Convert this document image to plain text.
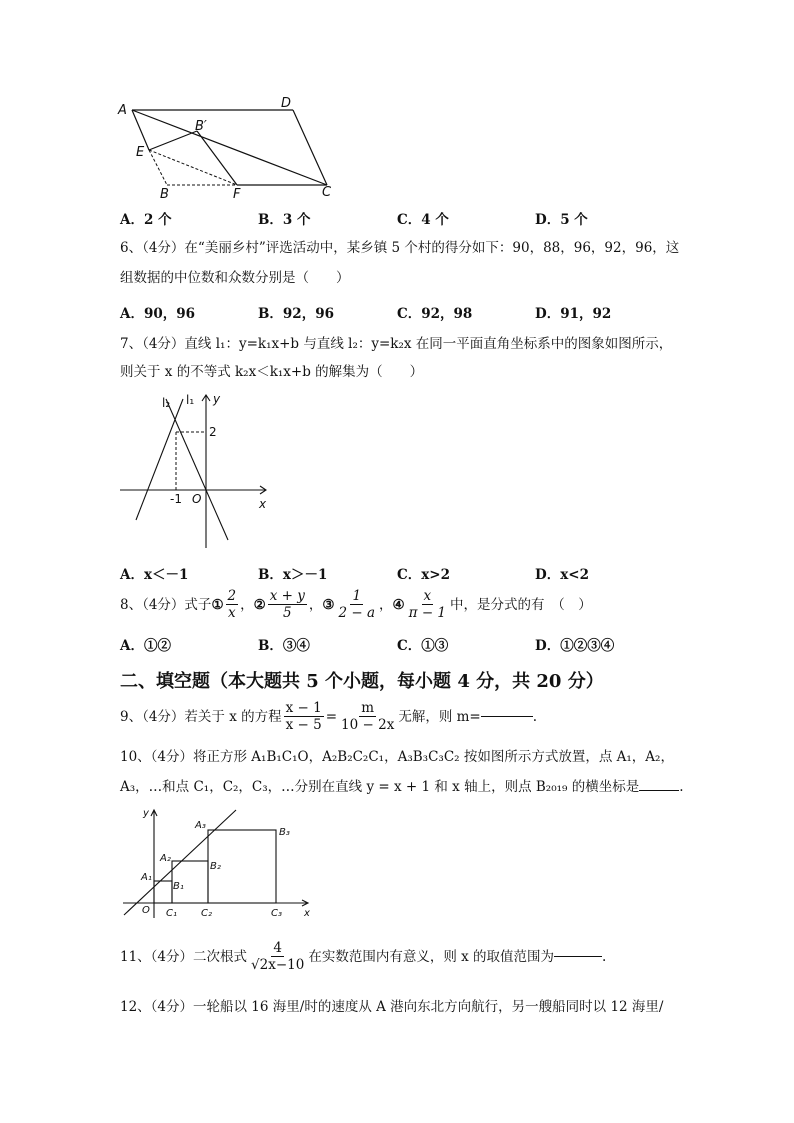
A	D
B′
E
B	F	C
A．2 个	B．3 个	C．4 个	D．5 个
6、（4分）在“美丽乡村”评选活动中，某乡镇 5 个村的得分如下：90，88，96，92，96，这
组数据的中位数和众数分别是（　　）
A．90，96	B．92，96	C．92，98	D．91，92
7、（4分）直线 l₁：y=k₁x+b 与直线 l₂：y=k₂x 在同一平面直角坐标系中的图象如图所示，
则关于 x 的不等式 k₂x＜k₁x+b 的解集为（　　）
l₂ l₁ y
2
-1 O	x
A．x＜－1	B．x＞－1	C．x>2	D．x<2
8、（4分）式子 ① $\frac{2}{x}$ ， ② $\frac{x + y}{5}$ ， ③ $\frac{1}{2 - a}$ ， ④ $\frac{x}{\pi - 1}$ 中，是分式的有　（　）
A．①②	B．③④	C．①③	D．①②③④
二、填空题（本大题共 5 个小题，每小题 4 分，共 20 分）
9、（4分）若关于 x 的方程 $\frac{x - 1}{x - 5} = \frac{m}{10 - 2x}$ 无解，则 m=	.
10、（4分）将正方形 A₁B₁C₁O，A₂B₂C₂C₁，A₃B₃C₃C₂ 按如图所示方式放置，点 A₁，A₂，
A₃，…和点 C₁，C₂，C₃，…分别在直线 y = x + 1 和 x 轴上，则点 B₂₀₁₉ 的横坐标是	.
y
x
O
A₁
A₂
A₃
B₁
B₂
B₃
C₁ C₂	C₃
11、（4分）二次根式 $\frac{4}{√2x-10}$ 在实数范围内有意义，则 x 的取值范围为	.
12、（4分）一轮船以 16 海里/时的速度从 A 港向东北方向航行，另一艘船同时以 12 海里/
